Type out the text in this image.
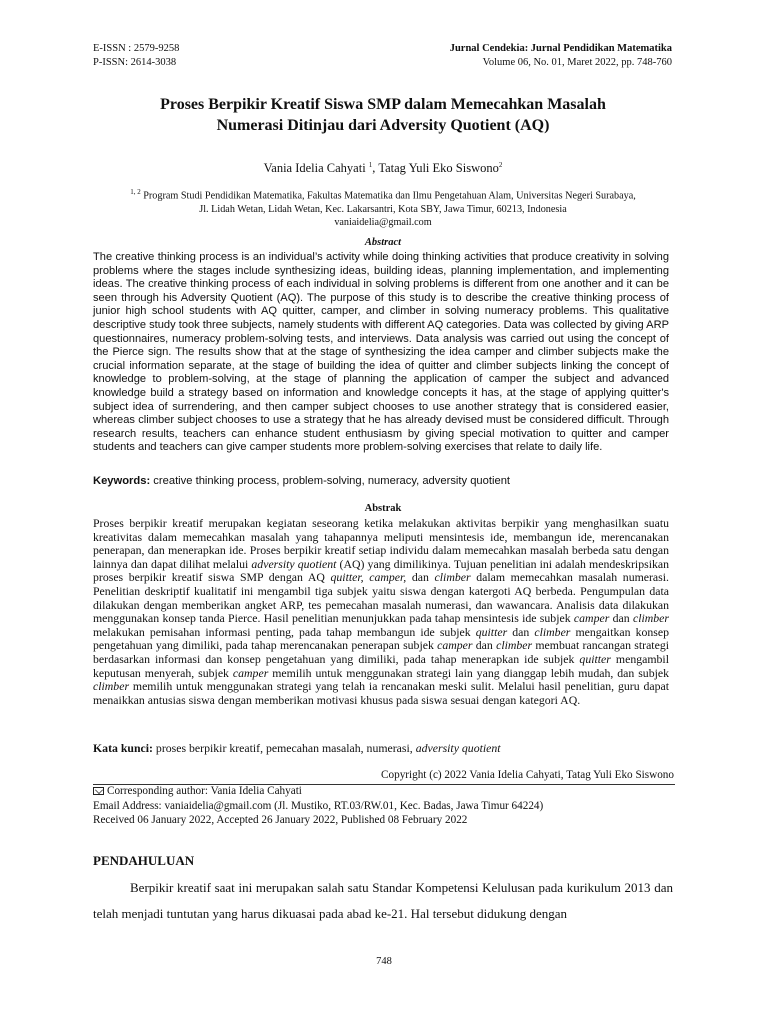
E-ISSN : 2579-9258
P-ISSN: 2614-3038
Jurnal Cendekia: Jurnal Pendidikan Matematika
Volume 06, No. 01, Maret 2022, pp. 748-760
Proses Berpikir Kreatif Siswa SMP dalam Memecahkan Masalah
Numerasi Ditinjau dari Adversity Quotient (AQ)
Vania Idelia Cahyati $^1$, Tatag Yuli Eko Siswono$^2$
$^{1, 2}$ Program Studi Pendidikan Matematika, Fakultas Matematika dan Ilmu Pengetahuan Alam, Universitas Negeri Surabaya,
Jl. Lidah Wetan, Lidah Wetan, Kec. Lakarsantri, Kota SBY, Jawa Timur, 60213, Indonesia
vaniaidelia@gmail.com
Abstract
The creative thinking process is an individual’s activity while doing thinking activities that produce creativity in solving problems where the stages include synthesizing ideas, building ideas, planning implementation, and implementing ideas. The creative thinking process of each individual in solving problems is different from one another and it can be seen through his Adversity Quotient (AQ). The purpose of this study is to describe the creative thinking process of junior high school students with AQ quitter, camper, and climber in solving numeracy problems. This qualitative descriptive study took three subjects, namely students with different AQ categories. Data was collected by giving ARP questionnaires, numeracy problem-solving tests, and interviews. Data analysis was carried out using the concept of the Pierce sign. The results show that at the stage of synthesizing the idea camper and climber subjects make the crucial information separate, at the stage of building the idea of quitter and climber subjects linking the concept of knowledge to problem-solving, at the stage of planning the application of camper the subject and advanced knowledge build a strategy based on information and knowledge concepts it has, at the stage of applying quitter's subject idea of surrendering, and then camper subject chooses to use another strategy that is considered easier, whereas climber subject chooses to use a strategy that he has already devised must be considered difficult. Through research results, teachers can enhance student enthusiasm by giving special motivation to quitter and camper students and teachers can give camper students more problem-solving exercises that relate to daily life.
Keywords: creative thinking process, problem-solving, numeracy, adversity quotient
Abstrak
Proses berpikir kreatif merupakan kegiatan seseorang ketika melakukan aktivitas berpikir yang menghasilkan suatu kreativitas dalam memecahkan masalah yang tahapannya meliputi mensintesis ide, membangun ide, merencanakan penerapan, dan menerapkan ide. Proses berpikir kreatif setiap individu dalam memecahkan masalah berbeda satu dengan lainnya dan dapat dilihat melalui adversity quotient (AQ) yang dimilikinya. Tujuan penelitian ini adalah mendeskripsikan proses berpikir kreatif siswa SMP dengan AQ quitter, camper, dan climber dalam memecahkan masalah numerasi. Penelitian deskriptif kualitatif ini mengambil tiga subjek yaitu siswa dengan katergoti AQ berbeda. Pengumpulan data dilakukan dengan memberikan angket ARP, tes pemecahan masalah numerasi, dan wawancara. Analisis data dilakukan menggunakan konsep tanda Pierce. Hasil penelitian menunjukkan pada tahap mensintesis ide subjek camper dan climber melakukan pemisahan informasi penting, pada tahap membangun ide subjek quitter dan climber mengaitkan konsep pengetahuan yang dimiliki, pada tahap merencanakan penerapan subjek camper dan climber membuat rancangan strategi berdasarkan informasi dan konsep pengetahuan yang dimiliki, pada tahap menerapkan ide subjek quitter mengambil keputusan menyerah, subjek camper memilih untuk menggunakan strategi lain yang dianggap lebih mudah, dan subjek climber memilih untuk menggunakan strategi yang telah ia rencanakan meski sulit. Melalui hasil penelitian, guru dapat menaikkan antusias siswa dengan memberikan motivasi khusus pada siswa sesuai dengan kategori AQ.
Kata kunci: proses berpikir kreatif, pemecahan masalah, numerasi, adversity quotient
Copyright (c) 2022 Vania Idelia Cahyati, Tatag Yuli Eko Siswono
Corresponding author: Vania Idelia Cahyati
Email Address: vaniaidelia@gmail.com (Jl. Mustiko, RT.03/RW.01, Kec. Badas, Jawa Timur 64224)
Received 06 January 2022, Accepted 26 January 2022, Published 08 February 2022
PENDAHULUAN
Berpikir kreatif saat ini merupakan salah satu Standar Kompetensi Kelulusan pada kurikulum 2013 dan telah menjadi tuntutan yang harus dikuasai pada abad ke-21. Hal tersebut didukung dengan
748
